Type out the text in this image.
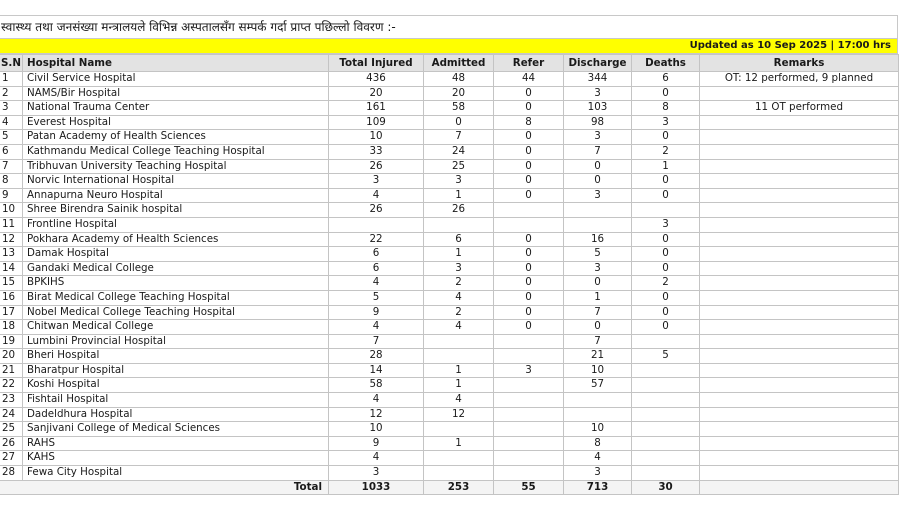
स्वास्थ्य तथा जनसंख्या मन्त्रालयले विभिन्न अस्पतालसँग सम्पर्क गर्दा प्राप्त पछिल्लो विवरण :-
Updated as 10 Sep 2025 | 17:00 hrs
S.N	Hospital Name	Total Injured	Admitted	Refer	Discharge	Deaths	Remarks
1	Civil Service Hospital	436	48	44	344	6	OT: 12 performed, 9 planned
2	NAMS/Bir Hospital	20	20	0	3	0	
3	National Trauma Center	161	58	0	103	8	11 OT performed
4	Everest Hospital	109	0	8	98	3	
5	Patan Academy of Health Sciences	10	7	0	3	0	
6	Kathmandu Medical College Teaching Hospital	33	24	0	7	2	
7	Tribhuvan University Teaching Hospital	26	25	0	0	1	
8	Norvic International Hospital	3	3	0	0	0	
9	Annapurna Neuro Hospital	4	1	0	3	0	
10	Shree Birendra Sainik hospital	26	26				
11	Frontline Hospital					3	
12	Pokhara Academy of Health Sciences	22	6	0	16	0	
13	Damak Hospital	6	1	0	5	0	
14	Gandaki Medical College	6	3	0	3	0	
15	BPKIHS	4	2	0	0	2	
16	Birat Medical College Teaching Hospital	5	4	0	1	0	
17	Nobel Medical College Teaching Hospital	9	2	0	7	0	
18	Chitwan Medical College	4	4	0	0	0	
19	Lumbini Provincial Hospital	7			7		
20	Bheri Hospital	28			21	5	
21	Bharatpur Hospital	14	1	3	10		
22	Koshi Hospital	58	1		57		
23	Fishtail Hospital	4	4				
24	Dadeldhura Hospital	12	12				
25	Sanjivani College of Medical Sciences	10			10		
26	RAHS	9	1		8		
27	KAHS	4			4		
28	Fewa City Hospital	3			3		
Total		1033	253	55	713	30	
